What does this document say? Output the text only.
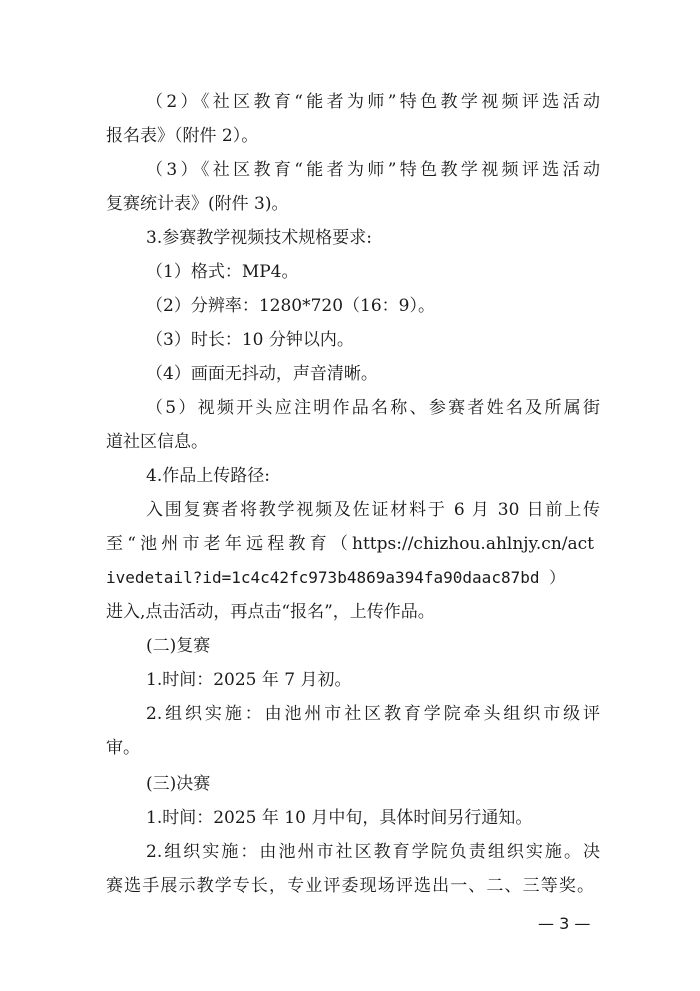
（2）《社区教育“能者为师”特色教学视频评选活动
报名表》（附件 2）。
（3）《社区教育“能者为师”特色教学视频评选活动
复赛统计表》(附件 3)。
3.参赛教学视频技术规格要求:
（1）格式：MP4。
（2）分辨率：1280*720（16：9）。
（3）时长：10 分钟以内。
（4）画面无抖动，声音清晰。
（5）视频开头应注明作品名称、参赛者姓名及所属街
道社区信息。
4.作品上传路径:
入围复赛者将教学视频及佐证材料于 6 月 30 日前上传
至“池州市老年远程教育（https://chizhou.ahlnjy.cn/act
ivedetail?id=1c4c42fc973b4869a394fa90daac87bd ）
进入,点击活动，再点击“报名”，上传作品。
(二)复赛
1.时间：2025 年 7 月初。
2.组织实施：由池州市社区教育学院牵头组织市级评
审。
(三)决赛
1.时间：2025 年 10 月中旬，具体时间另行通知。
2.组织实施：由池州市社区教育学院负责组织实施。决
赛选手展示教学专长，专业评委现场评选出一、二、三等奖。
— 3 —
